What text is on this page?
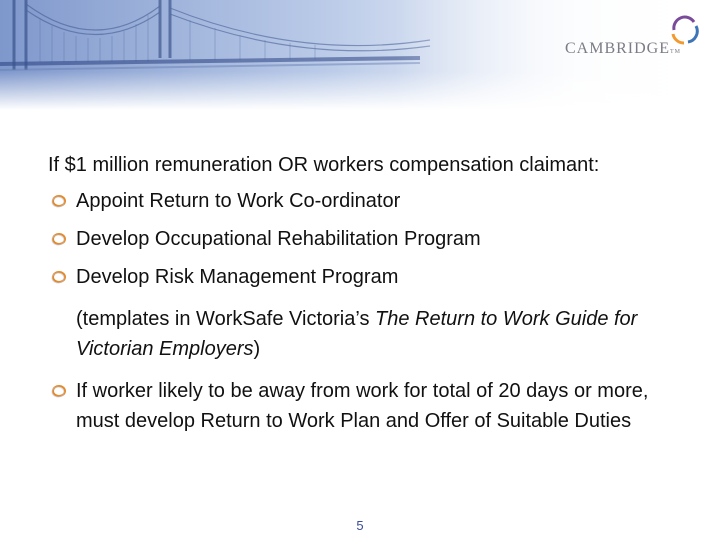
CAMBRIDGETM

If $1 million remuneration OR workers compensation claimant:

Appoint Return to Work Co-ordinator
Develop Occupational Rehabilitation Program
Develop Risk Management Program

(templates in WorkSafe Victoria’s The Return to Work Guide for Victorian Employers)

If worker likely to be away from work for total of 20 days or more, must develop Return to Work Plan and Offer of Suitable Duties
5
